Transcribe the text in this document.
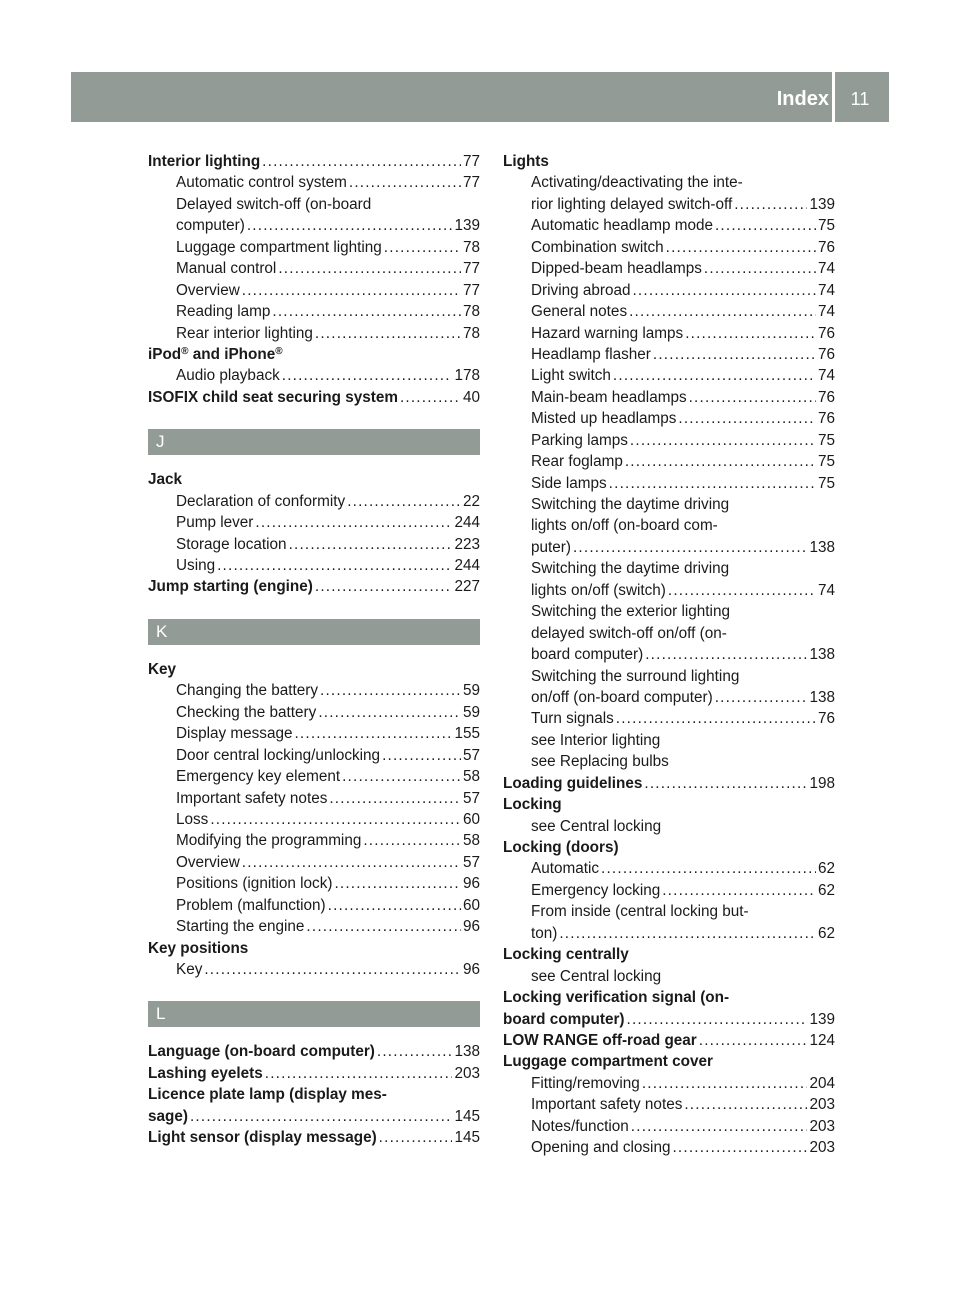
Index	11
Interior lighting .....	77
Automatic control system .....	77
Delayed switch-off (on-board
computer) .....	139
Luggage compartment lighting .....	78
Manual control .....	77
Overview .....	77
Reading lamp .....	78
Rear interior lighting .....	78
iPod® and iPhone®
Audio playback .....	178
ISOFIX child seat securing system .....	40
J
Jack
Declaration of conformity .....	22
Pump lever .....	244
Storage location .....	223
Using .....	244
Jump starting (engine) .....	227
K
Key
Changing the battery .....	59
Checking the battery .....	59
Display message .....	155
Door central locking/unlocking .....	57
Emergency key element .....	58
Important safety notes .....	57
Loss .....	60
Modifying the programming .....	58
Overview .....	57
Positions (ignition lock) .....	96
Problem (malfunction) .....	60
Starting the engine .....	96
Key positions
Key .....	96
L
Language (on-board computer) .....	138
Lashing eyelets .....	203
Licence plate lamp (display mes-
sage) .....	145
Light sensor (display message) .....	145
Lights
Activating/deactivating the inte-
rior lighting delayed switch-off .....	139
Automatic headlamp mode .....	75
Combination switch .....	76
Dipped-beam headlamps .....	74
Driving abroad .....	74
General notes .....	74
Hazard warning lamps .....	76
Headlamp flasher .....	76
Light switch .....	74
Main-beam headlamps .....	76
Misted up headlamps .....	76
Parking lamps .....	75
Rear foglamp .....	75
Side lamps .....	75
Switching the daytime driving
lights on/off (on-board com-
puter) .....	138
Switching the daytime driving
lights on/off (switch) .....	74
Switching the exterior lighting
delayed switch-off on/off (on-
board computer) .....	138
Switching the surround lighting
on/off (on-board computer) .....	138
Turn signals .....	76
see Interior lighting
see Replacing bulbs
Loading guidelines .....	198
Locking
see Central locking
Locking (doors)
Automatic .....	62
Emergency locking .....	62
From inside (central locking but-
ton) .....	62
Locking centrally
see Central locking
Locking verification signal (on-
board computer) .....	139
LOW RANGE off-road gear .....	124
Luggage compartment cover
Fitting/removing .....	204
Important safety notes .....	203
Notes/function .....	203
Opening and closing .....	203
